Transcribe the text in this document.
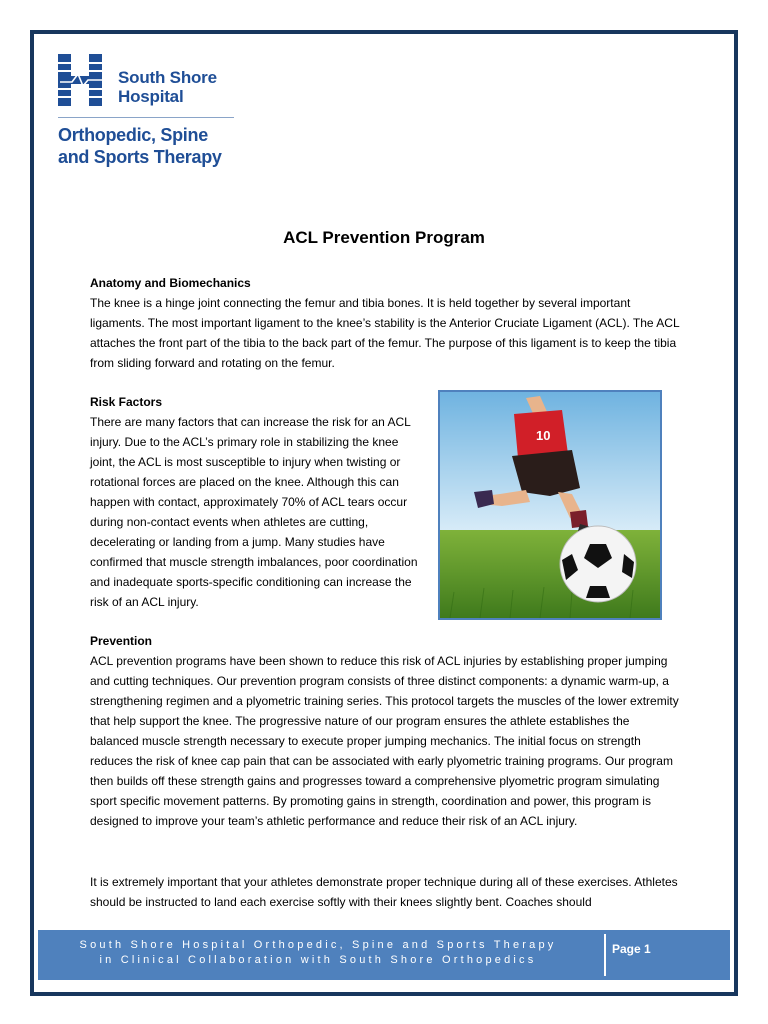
South Shore
Hospital
Orthopedic, Spine
and Sports Therapy
ACL Prevention Program
Anatomy and Biomechanics

The knee is a hinge joint connecting the femur and tibia bones. It is held together by several important ligaments. The most important ligament to the knee’s stability is the Anterior Cruciate Ligament (ACL). The ACL attaches the front part of the tibia to the back part of the femur. The purpose of this ligament is to keep the tibia from sliding forward and rotating on the femur.

Risk Factors

There are many factors that can increase the risk for an ACL injury. Due to the ACL’s primary role in stabilizing the knee joint, the ACL is most susceptible to injury when twisting or rotational forces are placed on the knee. Although this can happen with contact, approximately 70% of ACL tears occur during non-contact events when athletes are cutting, decelerating or landing from a jump. Many studies have confirmed that muscle strength imbalances, poor coordination and inadequate sports-specific conditioning can increase the risk of an ACL injury.

10
Prevention

ACL prevention programs have been shown to reduce this risk of ACL injuries by establishing proper jumping and cutting techniques. Our prevention program consists of three distinct components: a dynamic warm-up, a strengthening regimen and a plyometric training series. This protocol targets the muscles of the lower extremity that help support the knee. The progressive nature of our program ensures the athlete establishes the balanced muscle strength necessary to execute proper jumping mechanics. The initial focus on strength reduces the risk of knee cap pain that can be associated with early plyometric training programs. Our program then builds off these strength gains and progresses toward a comprehensive plyometric program simulating sport specific movement patterns. By promoting gains in strength, coordination and power, this program is designed to improve your team’s athletic performance and reduce their risk of an ACL injury.

It is extremely important that your athletes demonstrate proper technique during all of these exercises. Athletes should be instructed to land each exercise softly with their knees slightly bent. Coaches should

South Shore Hospital Orthopedic, Spine and Sports Therapy
in Clinical Collaboration with South Shore Orthopedics
Page 1
